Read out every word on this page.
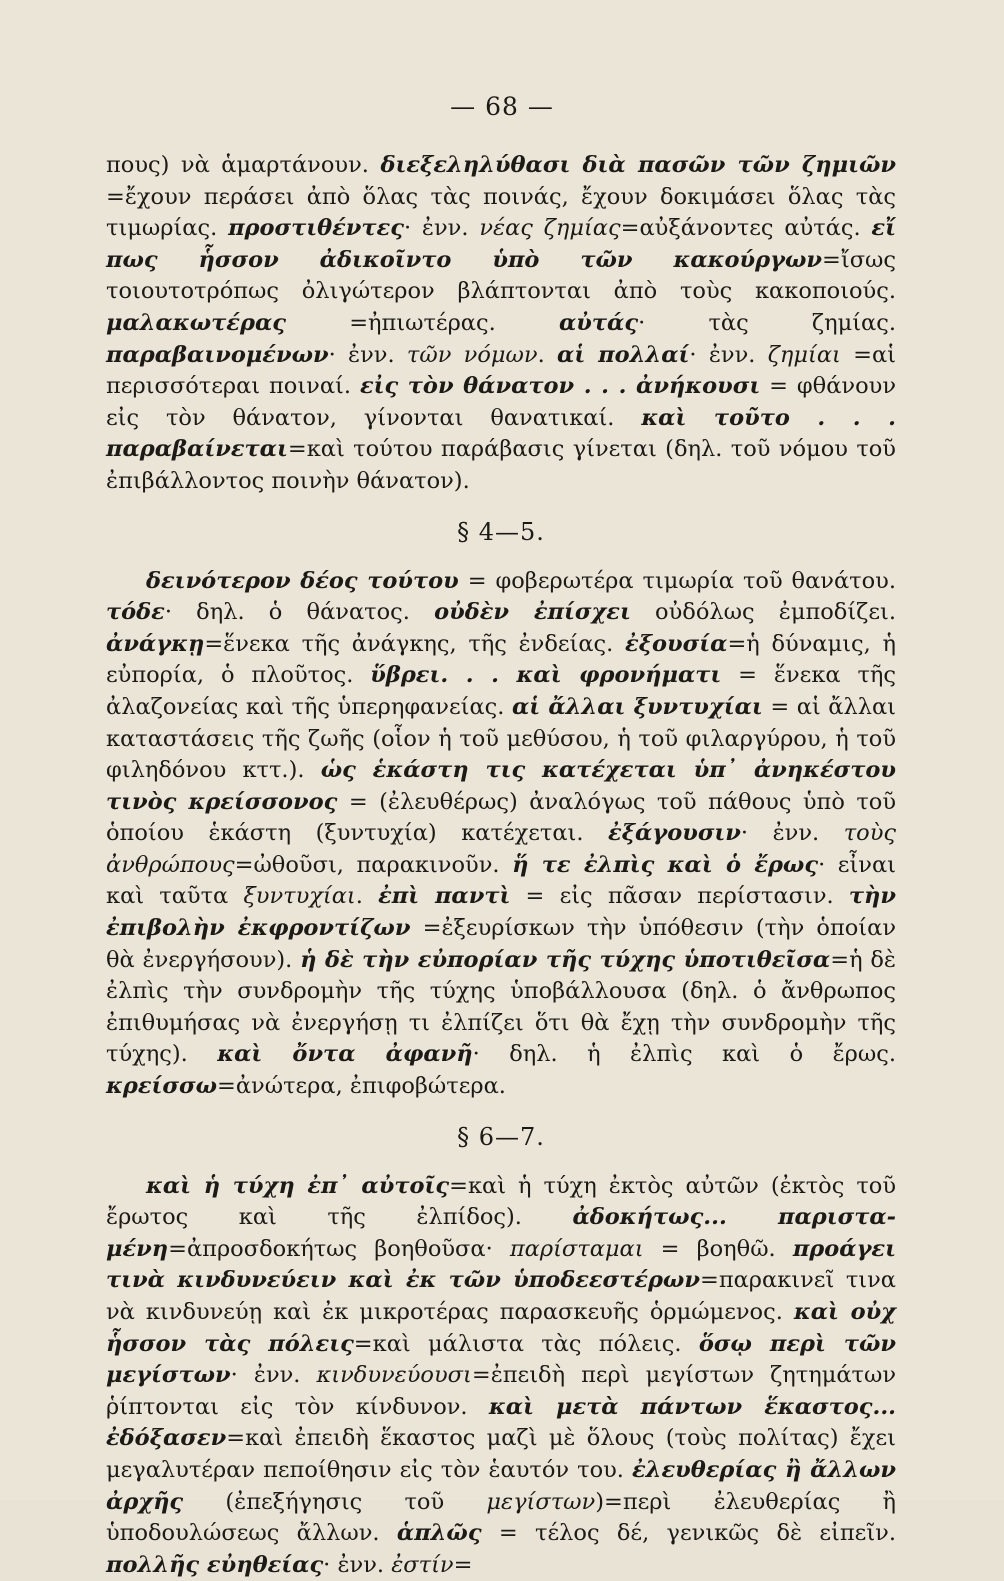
— 68 —

πους) νὰ ἁμαρτάνουν. διεξεληλύθασι διὰ πασῶν τῶν ζημιῶν =ἔχουν περάσει ἀπὸ ὅλας τὰς ποινάς, ἔχουν δοκιμάσει ὅλας τὰς τιμωρίας. προστιθέντες· ἐνν. νέας ζημίας=αὐξάνοντες αὐτάς. εἴ πως ἧσσον ἀδικοῖντο ὑπὸ τῶν κακούργων=ἴσως τοιουτοτρόπως ὀλιγώτερον βλάπτονται ἀπὸ τοὺς κακοποιούς. μαλακωτέρας =ἠπιωτέρας. αὐτάς· τὰς ζημίας. παραβαινομένων· ἐνν. τῶν νόμων. αἱ πολλαί· ἐνν. ζημίαι =αἱ περισσότεραι ποιναί. εἰς τὸν θάνατον . . . ἀνήκουσι = φθάνουν εἰς τὸν θάνατον, γίνονται θανατικαί. καὶ τοῦτο . . . παραβαίνεται=καὶ τούτου παράβασις γίνεται (δηλ. τοῦ νόμου τοῦ ἐπιβάλλοντος ποινὴν θάνατον).

§ 4—5.

δεινότερον δέος τούτου = φοβερωτέρα τιμωρία τοῦ θανάτου. τόδε· δηλ. ὁ θάνατος. οὐδὲν ἐπίσχει οὐδόλως ἐμποδίζει. ἀνάγκῃ=ἕνεκα τῆς ἀνάγκης, τῆς ἐνδείας. ἐξουσία=ἡ δύναμις, ἡ εὐπορία, ὁ πλοῦτος. ὕβρει. . . καὶ φρονήματι = ἕνεκα τῆς ἀλαζονείας καὶ τῆς ὑπερηφανείας. αἱ ἄλλαι ξυντυχίαι = αἱ ἄλλαι καταστάσεις τῆς ζωῆς (οἷον ἡ τοῦ μεθύσου, ἡ τοῦ φιλαργύρου, ἡ τοῦ φιληδόνου κττ.). ὡς ἑκάστη τις κατέχεται ὑπ᾽ ἀνηκέστου τινὸς κρείσσονος = (ἐλευθέρως) ἀναλόγως τοῦ πάθους ὑπὸ τοῦ ὁποίου ἑκάστη (ξυντυχία) κατέχεται. ἐξάγουσιν· ἐνν. τοὺς ἀνθρώπους=ὠθοῦσι, παρακινοῦν. ἥ τε ἐλπὶς καὶ ὁ ἔρως· εἶναι καὶ ταῦτα ξυντυχίαι. ἐπὶ παντὶ = εἰς πᾶσαν περίστασιν. τὴν ἐπιβολὴν ἐκφροντίζων =ἐξευρίσκων τὴν ὑπόθεσιν (τὴν ὁποίαν θὰ ἐνεργήσουν). ἡ δὲ τὴν εὐπορίαν τῆς τύχης ὑποτιθεῖσα=ἡ δὲ ἐλπὶς τὴν συνδρομὴν τῆς τύχης ὑποβάλλουσα (δηλ. ὁ ἄνθρωπος ἐπιθυμήσας νὰ ἐνεργήσῃ τι ἐλπίζει ὅτι θὰ ἔχῃ τὴν συνδρομὴν τῆς τύχης). καὶ ὄντα ἀφανῆ· δηλ. ἡ ἐλπὶς καὶ ὁ ἔρως. κρείσσω=ἀνώτερα, ἐπιφοβώτερα.

§ 6—7.

καὶ ἡ τύχη ἐπ᾽ αὐτοῖς=καὶ ἡ τύχη ἐκτὸς αὐτῶν (ἐκτὸς τοῦ ἔρωτος καὶ τῆς ἐλπίδος). ἀδοκήτως... παρισταμένη=ἀπροσδοκήτως βοηθοῦσα· παρίσταμαι = βοηθῶ. προάγει τινὰ κινδυνεύειν καὶ ἐκ τῶν ὑποδεεστέρων=παρακινεῖ τινα νὰ κινδυνεύῃ καὶ ἐκ μικροτέρας παρασκευῆς ὁρμώμενος. καὶ οὐχ ἧσσον τὰς πόλεις=καὶ μάλιστα τὰς πόλεις. ὅσῳ περὶ τῶν μεγίστων· ἐνν. κινδυνεύουσι=ἐπειδὴ περὶ μεγίστων ζητημάτων ῥίπτονται εἰς τὸν κίνδυνον. καὶ μετὰ πάντων ἕκαστος... ἐδόξασεν=καὶ ἐπειδὴ ἕκαστος μαζὶ μὲ ὅλους (τοὺς πολίτας) ἔχει μεγαλυτέραν πεποίθησιν εἰς τὸν ἑαυτόν του. ἐλευθερίας ἢ ἄλλων ἀρχῆς (ἐπεξήγησις τοῦ μεγίστων)=περὶ ἐλευθερίας ἢ ὑποδουλώσεως ἄλλων. ἁπλῶς = τέλος δέ, γενικῶς δὲ εἰπεῖν. πολλῆς εὐηθείας· ἐνν. ἐστίν=
